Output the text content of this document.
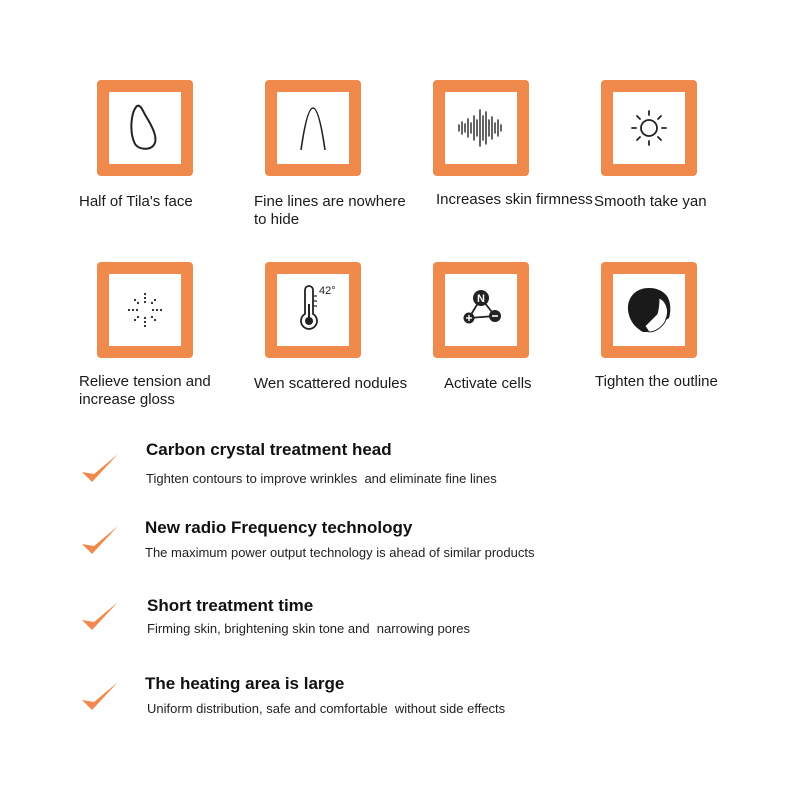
Half of Tila's face	Fine lines are nowhere to hide
Increases skin firmness Smooth take yan
Relieve tension and increase gloss
42°
Wen scattered nodules
N
Activate cells	Tighten the outline
Carbon crystal treatment head
Tighten contours to improve wrinkles  and eliminate fine lines
New radio Frequency technology
The maximum power output technology is ahead of similar products
Short treatment time
Firming skin, brightening skin tone and  narrowing pores
The heating area is large
Uniform distribution, safe and comfortable  without side effects
